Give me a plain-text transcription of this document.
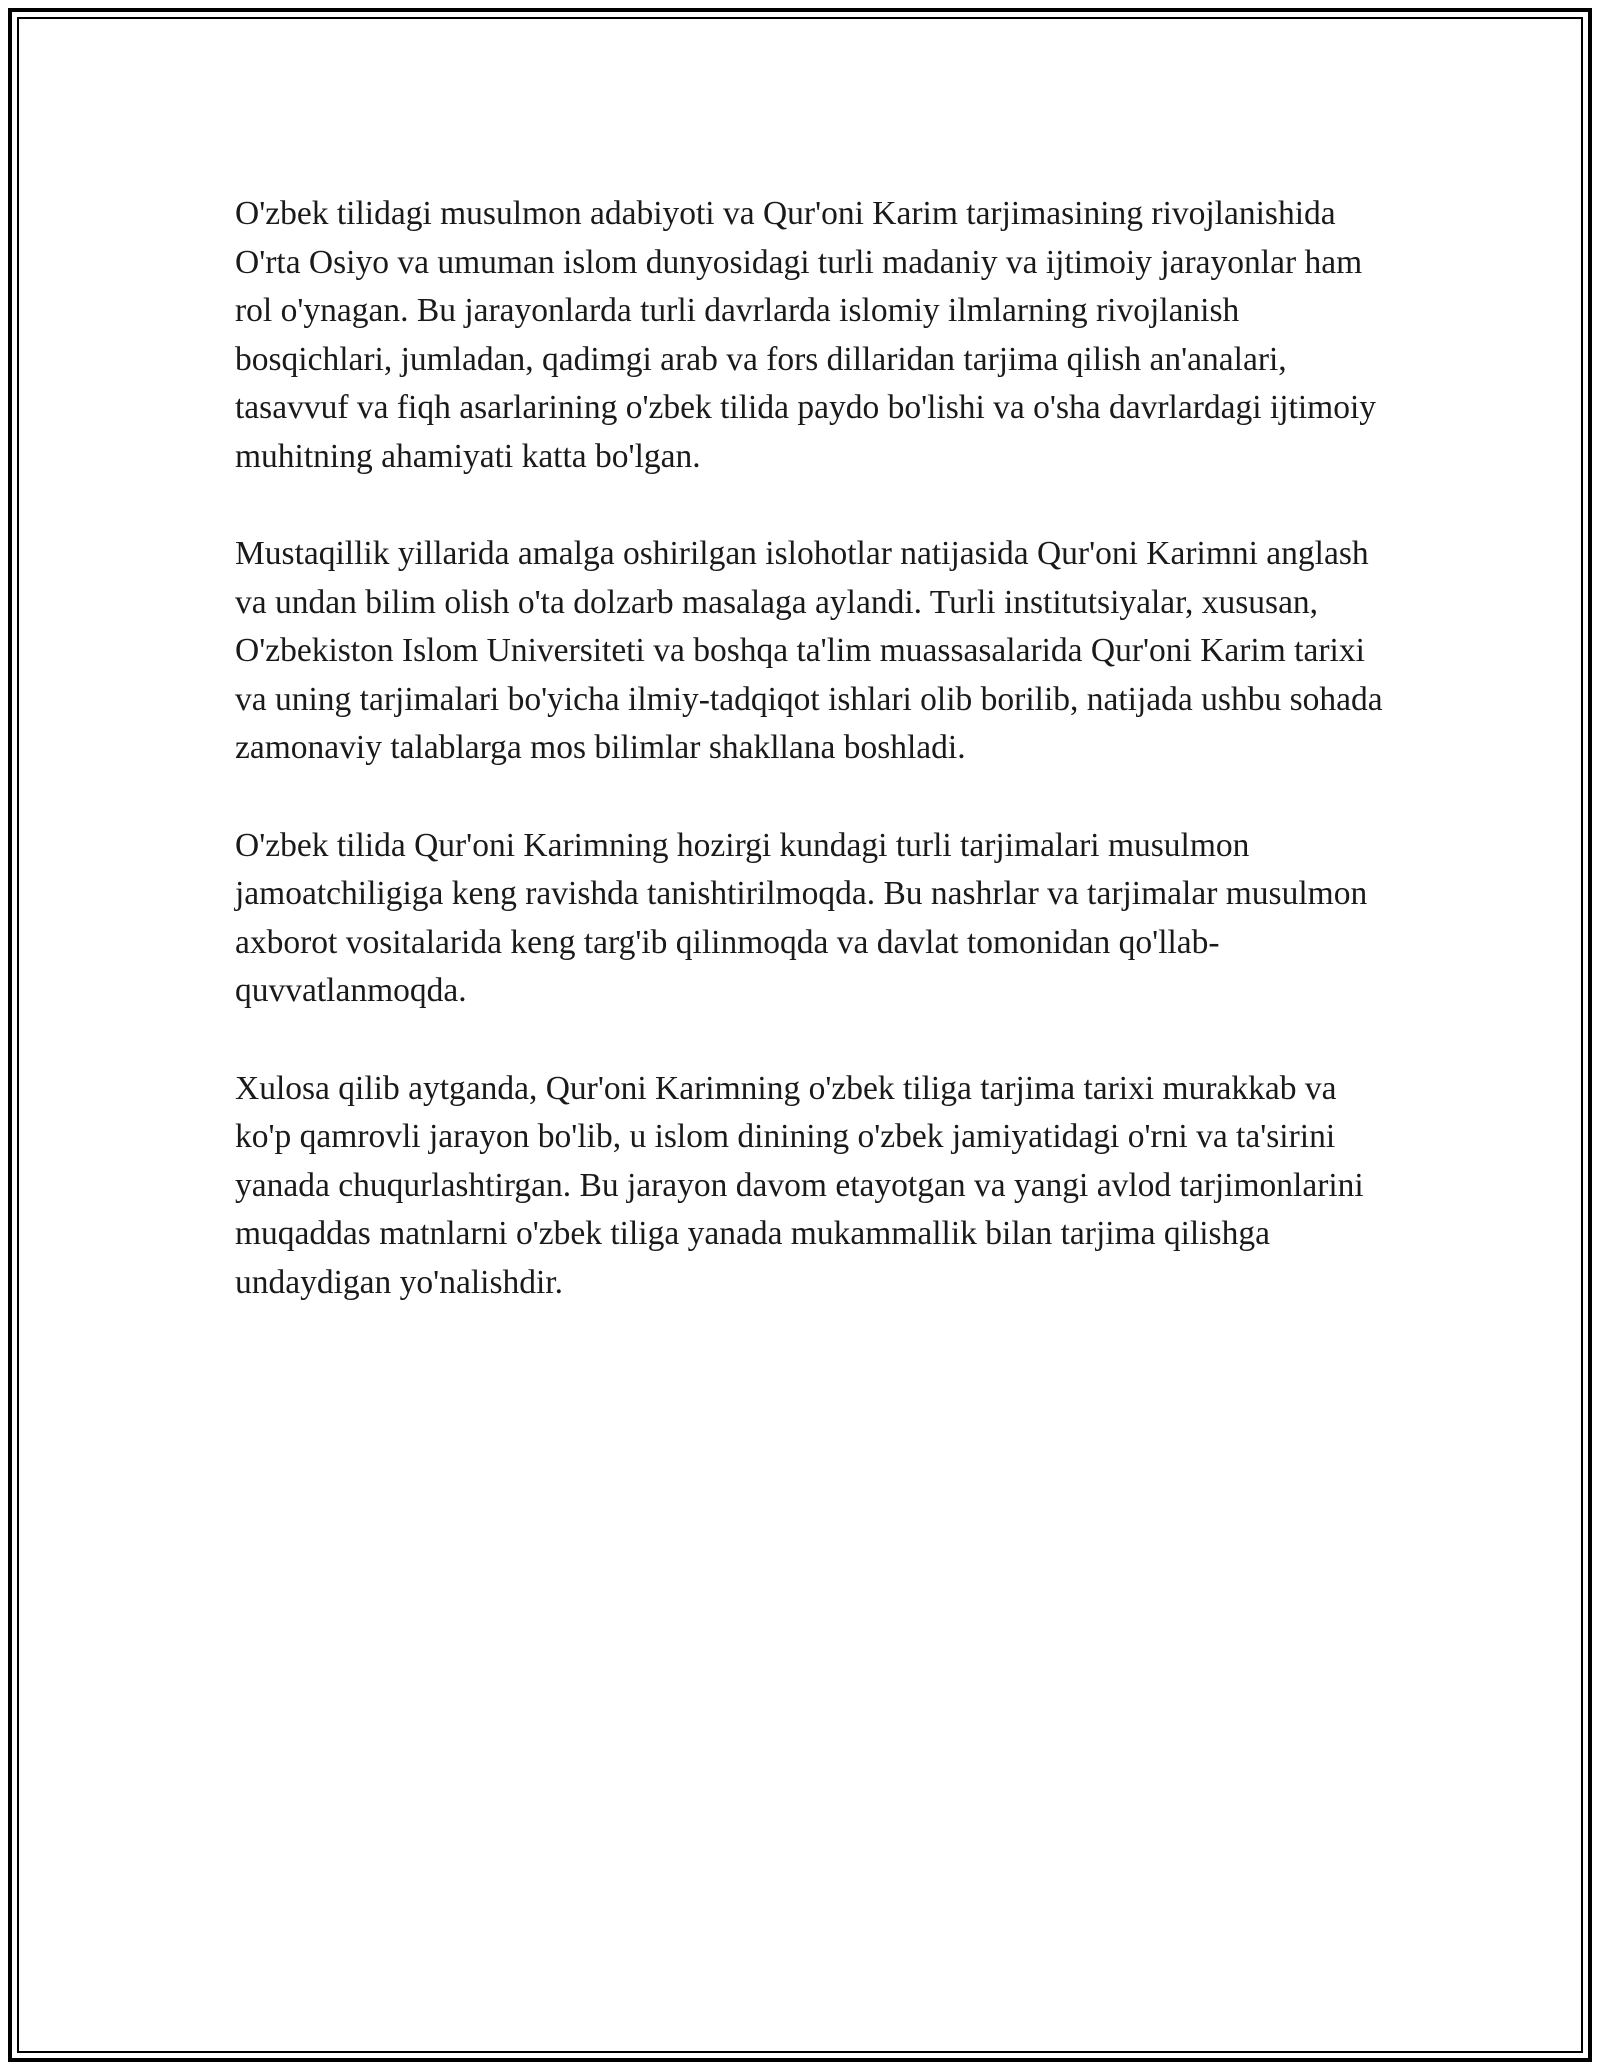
O'zbek tilidagi musulmon adabiyoti va Qur'oni Karim tarjimasining rivojlanishida O'rta Osiyo va umuman islom dunyosidagi turli madaniy va ijtimoiy jarayonlar ham rol o'ynagan. Bu jarayonlarda turli davrlarda islomiy ilmlarning rivojlanish bosqichlari, jumladan, qadimgi arab va fors dillaridan tarjima qilish an'analari, tasavvuf va fiqh asarlarining o'zbek tilida paydo bo'lishi va o'sha davrlardagi ijtimoiy muhitning ahamiyati katta bo'lgan.

Mustaqillik yillarida amalga oshirilgan islohotlar natijasida Qur'oni Karimni anglash va undan bilim olish o'ta dolzarb masalaga aylandi. Turli institutsiyalar, xususan, O'zbekiston Islom Universiteti va boshqa ta'lim muassasalarida Qur'oni Karim tarixi va uning tarjimalari bo'yicha ilmiy-tadqiqot ishlari olib borilib, natijada ushbu sohada zamonaviy talablarga mos bilimlar shakllana boshladi.

O'zbek tilida Qur'oni Karimning hozirgi kundagi turli tarjimalari musulmon jamoatchiligiga keng ravishda tanishtirilmoqda. Bu nashrlar va tarjimalar musulmon axborot vositalarida keng targ'ib qilinmoqda va davlat tomonidan qo'llab-quvvatlanmoqda.

Xulosa qilib aytganda, Qur'oni Karimning o'zbek tiliga tarjima tarixi murakkab va ko'p qamrovli jarayon bo'lib, u islom dinining o'zbek jamiyatidagi o'rni va ta'sirini yanada chuqurlashtirgan. Bu jarayon davom etayotgan va yangi avlod tarjimonlarini muqaddas matnlarni o'zbek tiliga yanada mukammallik bilan tarjima qilishga undaydigan yo'nalishdir.
